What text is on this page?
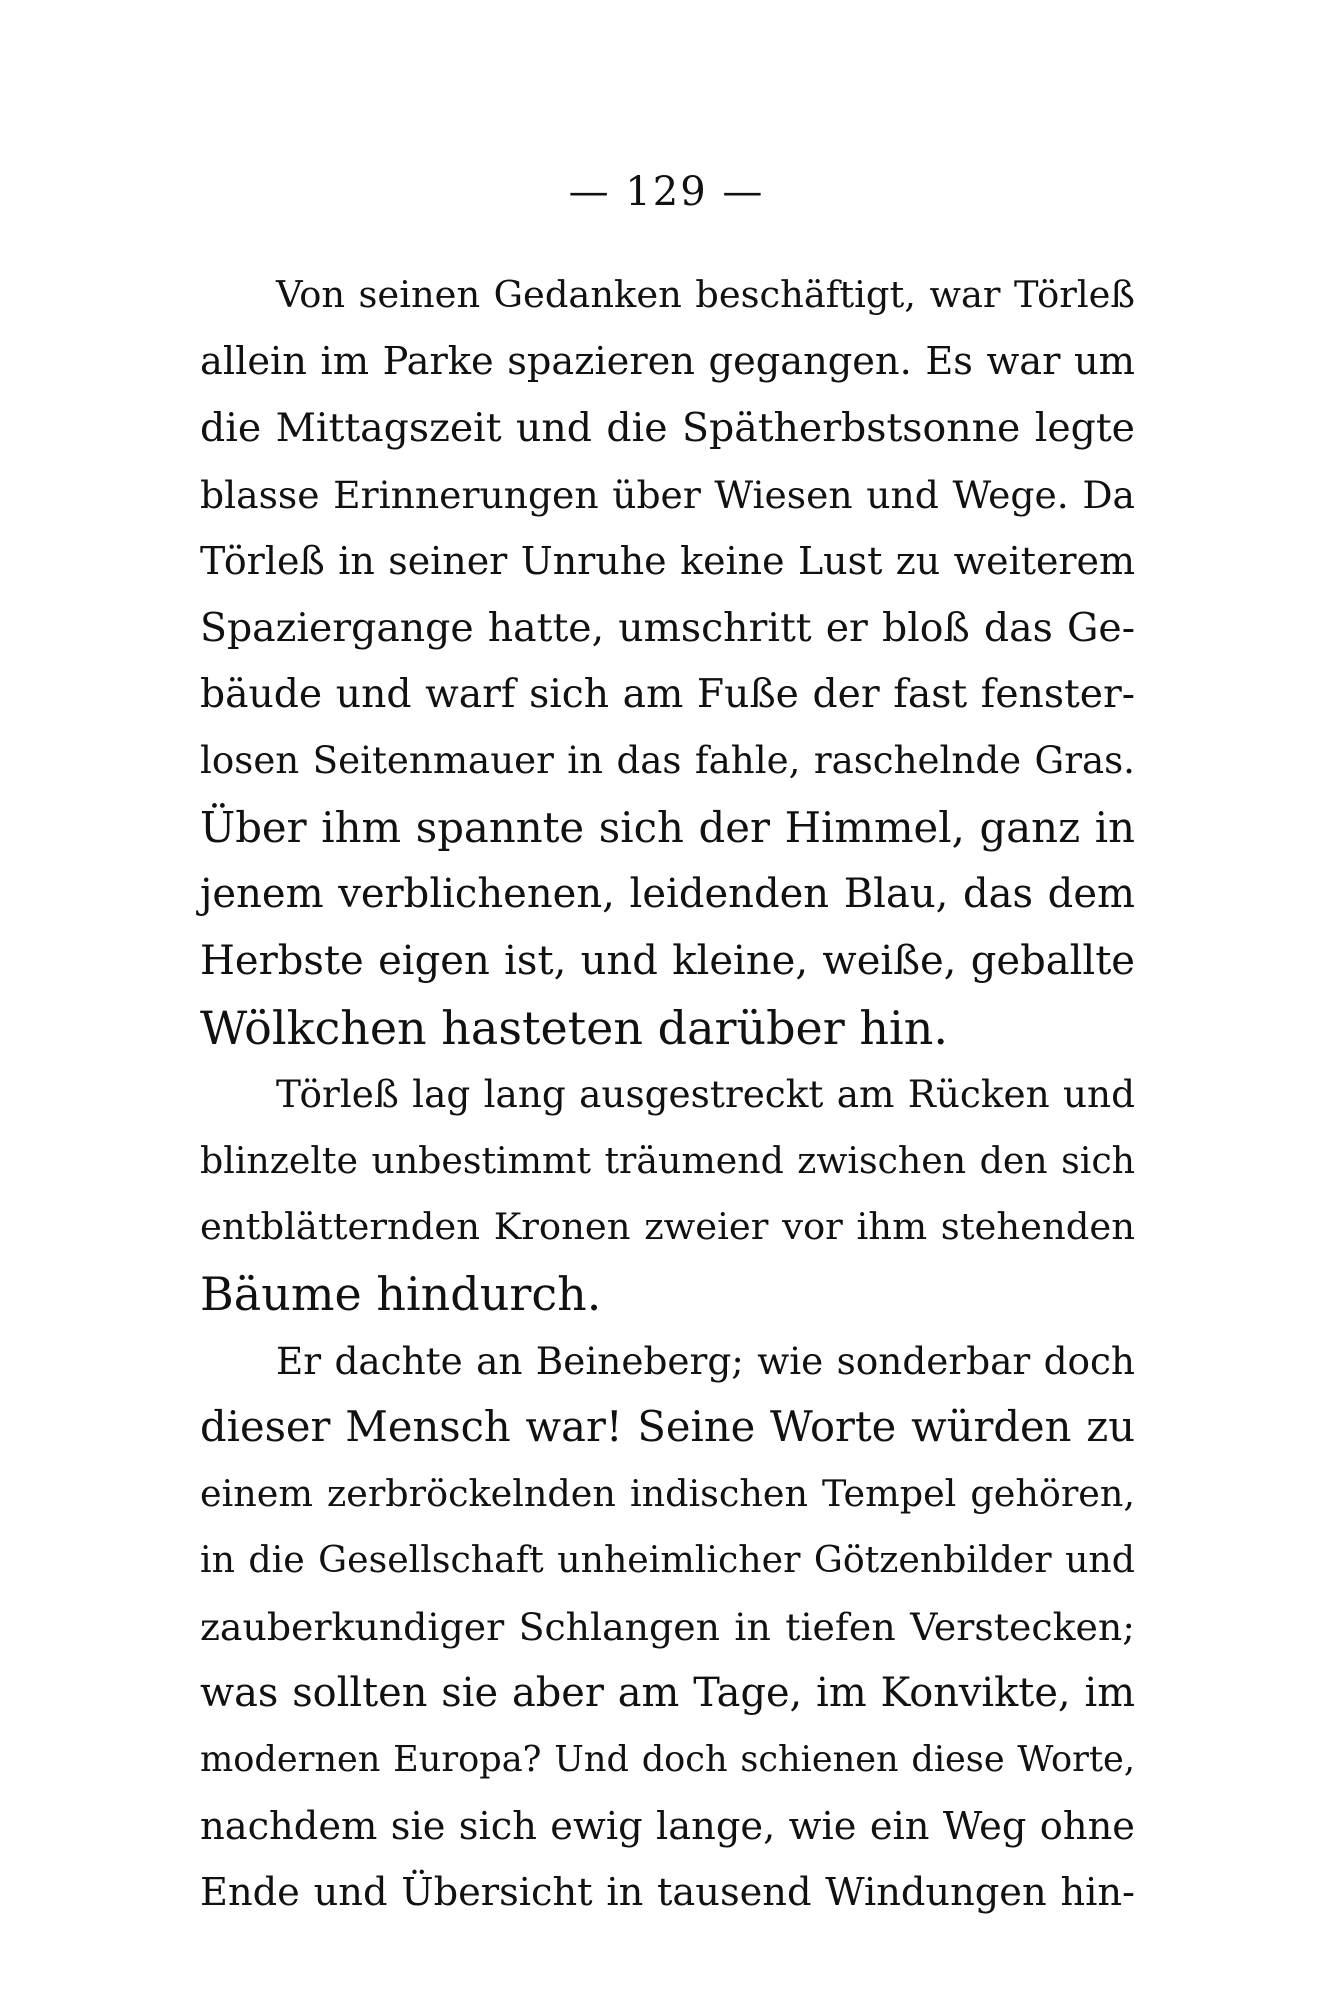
— 129 —
Von seinen Gedanken beschäftigt, war Törleß
allein im Parke spazieren gegangen. Es war um
die Mittagszeit und die Spätherbstsonne legte
blasse Erinnerungen über Wiesen und Wege. Da
Törleß in seiner Unruhe keine Lust zu weiterem
Spaziergange hatte, umschritt er bloß das Ge-
bäude und warf sich am Fuße der fast fenster-
losen Seitenmauer in das fahle, raschelnde Gras.
Über ihm spannte sich der Himmel, ganz in
jenem verblichenen, leidenden Blau, das dem
Herbste eigen ist, und kleine, weiße, geballte
Wölkchen hasteten darüber hin.
Törleß lag lang ausgestreckt am Rücken und
blinzelte unbestimmt träumend zwischen den sich
entblätternden Kronen zweier vor ihm stehenden
Bäume hindurch.
Er dachte an Beineberg; wie sonderbar doch
dieser Mensch war! Seine Worte würden zu
einem zerbröckelnden indischen Tempel gehören,
in die Gesellschaft unheimlicher Götzenbilder und
zauberkundiger Schlangen in tiefen Verstecken;
was sollten sie aber am Tage, im Konvikte, im
modernen Europa? Und doch schienen diese Worte,
nachdem sie sich ewig lange, wie ein Weg ohne
Ende und Übersicht in tausend Windungen hin-
